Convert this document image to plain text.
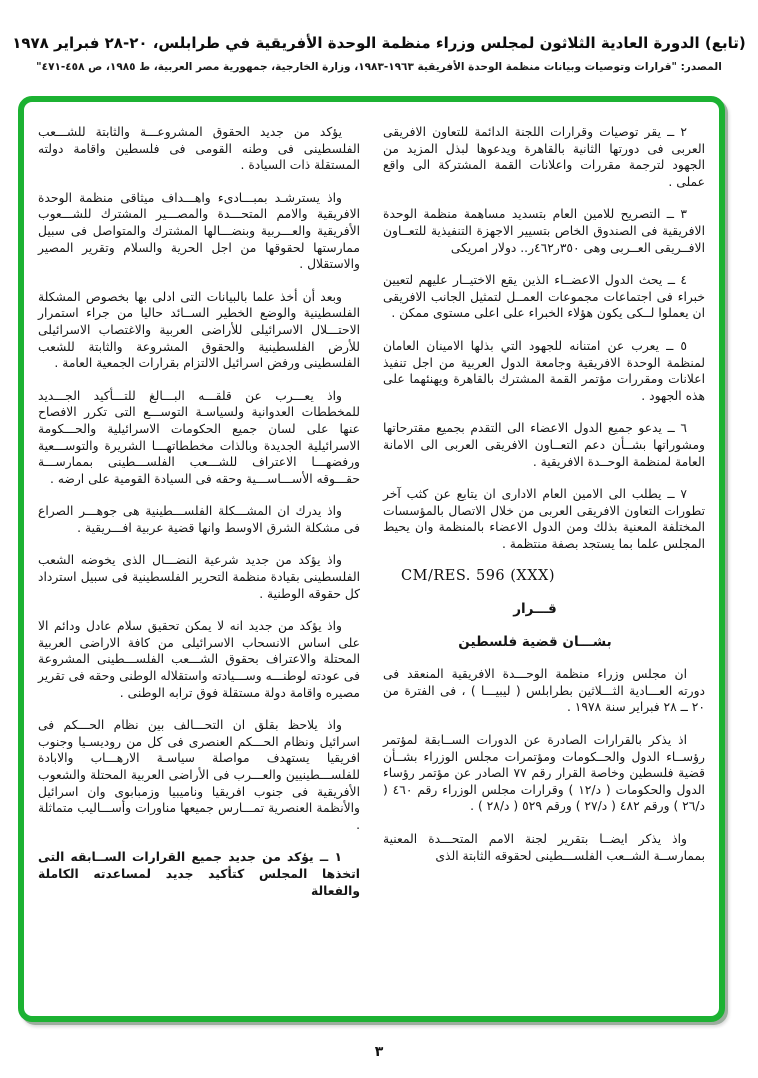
(تابع) الدورة العادية الثلاثون لمجلس وزراء منظمة الوحدة الأفريقية في طرابلس، ٢٠-٢٨ فبراير ١٩٧٨
المصدر: "قرارات وتوصيات وبيانات منظمة الوحدة الأفريقية ١٩٦٣-١٩٨٣، وزارة الخارجية، جمهورية مصر العربية، ط ١٩٨٥، ص ٤٥٨-٤٧١"

٢ ــ يقر توصيات وقرارات اللجنة الدائمة للتعاون الافريقى العربى فى دورتها الثانية بالقاهرة ويدعوها لبذل المزيد من الجهود لترجمة مقررات واعلانات القمة المشتركة الى واقع عملى .

٣ ــ التصريح للامين العام بتسديد مساهمة منظمة الوحدة الافريقية فى الصندوق الخاص بتسيير الاجهزة التنفيذية للتعــاون الافــريقى العــربى وهى ٣٥٠ر٤٦٢ر.. دولار امريكى

٤ ــ يحث الدول الاعضــاء الذين يقع الاختيــار عليهم لتعيين خبراء فى اجتماعات مجموعات العمــل لتمثيل الجانب الافريقى ان يعملوا لــكى يكون هؤلاء الخبراء على اعلى مستوى ممكن .

٥ ــ يعرب عن امتنانه للجهود التي بذلها الامينان العامان لمنظمة الوحدة الافريقية وجامعة الدول العربية من اجل تنفيذ اعلانات ومقررات مؤتمر القمة المشترك بالقاهرة ويهنئهما على هذه الجهود .

٦ ــ يدعو جميع الدول الاعضاء الى التقدم بجميع مقترحاتها ومشوراتها بشــأن دعم التعــاون الافريقى العربى الى الامانة العامة لمنظمة الوحــدة الافريقية .

٧ ــ يطلب الى الامين العام الادارى ان يتابع عن كثب آخر تطورات التعاون الافريقى العربى من خلال الاتصال بالمؤسسات المختلفة المعنية بذلك ومن الدول الاعضاء بالمنظمة وان يحيط المجلس علما بما يستجد بصفة منتظمة .

CM/RES. 596 (XXX)

قـــرار

بشـــان قضية فلسطين

ان مجلس وزراء منظمة الوحـــدة الافريقية المنعقد فى دورته العـــادية الثـــلاثين بطرابلس ( ليبيـــا ) ، فى الفترة من ٢٠ ــ ٢٨ فبراير سنة ١٩٧٨ .

اذ يذكر بالقرارات الصادرة عن الدورات الســابقة لمؤتمر رؤســاء الدول والحــكومات ومؤتمرات مجلس الوزراء بشــأن قضية فلسطين وخاصة القرار رقم ٧٧ الصادر عن مؤتمر رؤساء الدول والحكومات ( د/١٢ ) وقرارات مجلس الوزراء رقم ٤٦٠ ( د/٢٦ ) ورقم ٤٨٢ ( د/٢٧ ) ورقم ٥٢٩ ( د/٢٨ ) .

واذ يذكر ايضــا بتقرير لجنة الامم المتحـــدة المعنية بممارســة الشــعب الفلســـطينى لحقوقه الثابتة الذى

يؤكد من جديد الحقوق المشروعـــة والثابتة للشـــعب الفلسطينى فى وطنه القومى فى فلسطين واقامة دولته المستقلة ذات السيادة .

واذ يسترشـد بمبـــادىء واهـــداف ميثاقى منظمة الوحدة الافريقية والامم المتحـــدة والمصـــير المشترك للشـــعوب الأفريقية والعـــربية وبنضـــالها المشترك والمتواصل فى سبيل ممارستها لحقوقها من اجل الحرية والسلام وتقرير المصير والاستقلال .

وبعد أن أخذ علما بالبيانات التى ادلى بها بخصوص المشكلة الفلسطينية والوضع الخطير الســائد حاليا من جراء استمرار الاحتـــلال الاسرائيلى للأراضى العربية والاغتصاب الاسرائيلى للأرض الفلسطينية والحقوق المشروعة والثابتة للشعب الفلسطينى ورفض اسرائيل الالتزام بقرارات الجمعية العامة .

واذ يعـــرب عن قلقـــه البـــالغ للتـــأكيد الجـــديد للمخططات العدوانية ولسياسـة التوســـع التى تكرر الافصاح عنها على لسان جميع الحكومات الاسرائيلية والحـــكومة الاسرائيلية الجديدة وبالذات مخططاتهـــا الشريرة والتوســـعية ورفضهـــا الاعتراف للشـــعب الفلســـطينى بممارســـة حقـــوقه الأســـاســـية وحقه فى السيادة القومية على ارضه .

واذ يدرك ان المشـــكلة الفلســـطينية هى جوهـــر الصراع فى مشكلة الشرق الاوسط وانها قضية عربية افـــريقية .

واذ يؤكد من جديد شرعية النضـــال الذى يخوضه الشعب الفلسطينى بقيادة منظمة التحرير الفلسطينية فى سبيل استرداد كل حقوقه الوطنية .

واذ يؤكد من جديد انه لا يمكن تحقيق سلام عادل ودائم الا على اساس الانسحاب الاسرائيلى من كافة الاراضى العربية المحتلة والاعتراف بحقوق الشـــعب الفلســـطينى المشروعة فى عودته لوطنـــه وســـيادته واستقلاله الوطنى وحقه فى تقرير مصيره واقامة دولة مستقلة فوق ترابه الوطنى .

واذ يلاحظ بقلق ان التحـــالف بين نظام الحـــكم فى اسرائيل ونظام الحـــكم العنصرى فى كل من روديسـيا وجنوب افريقيا يستهدف مواصلة سياسـة الارهـــاب والابادة للفلســـطينيين والعـــرب فى الأراضى العربية المحتلة والشعوب الأفريقية فى جنوب افريقيا وناميبيا وزمبابوى وان اسرائيل والأنظمة العنصرية تمـــارس جميعها مناورات وأســـاليب متماثلة .

١ ــ يؤكد من جديد جميع القرارات الســابقه التى اتخذها المجلس كتأكيد جديد لمساعدته الكاملة والفعالة

٣
